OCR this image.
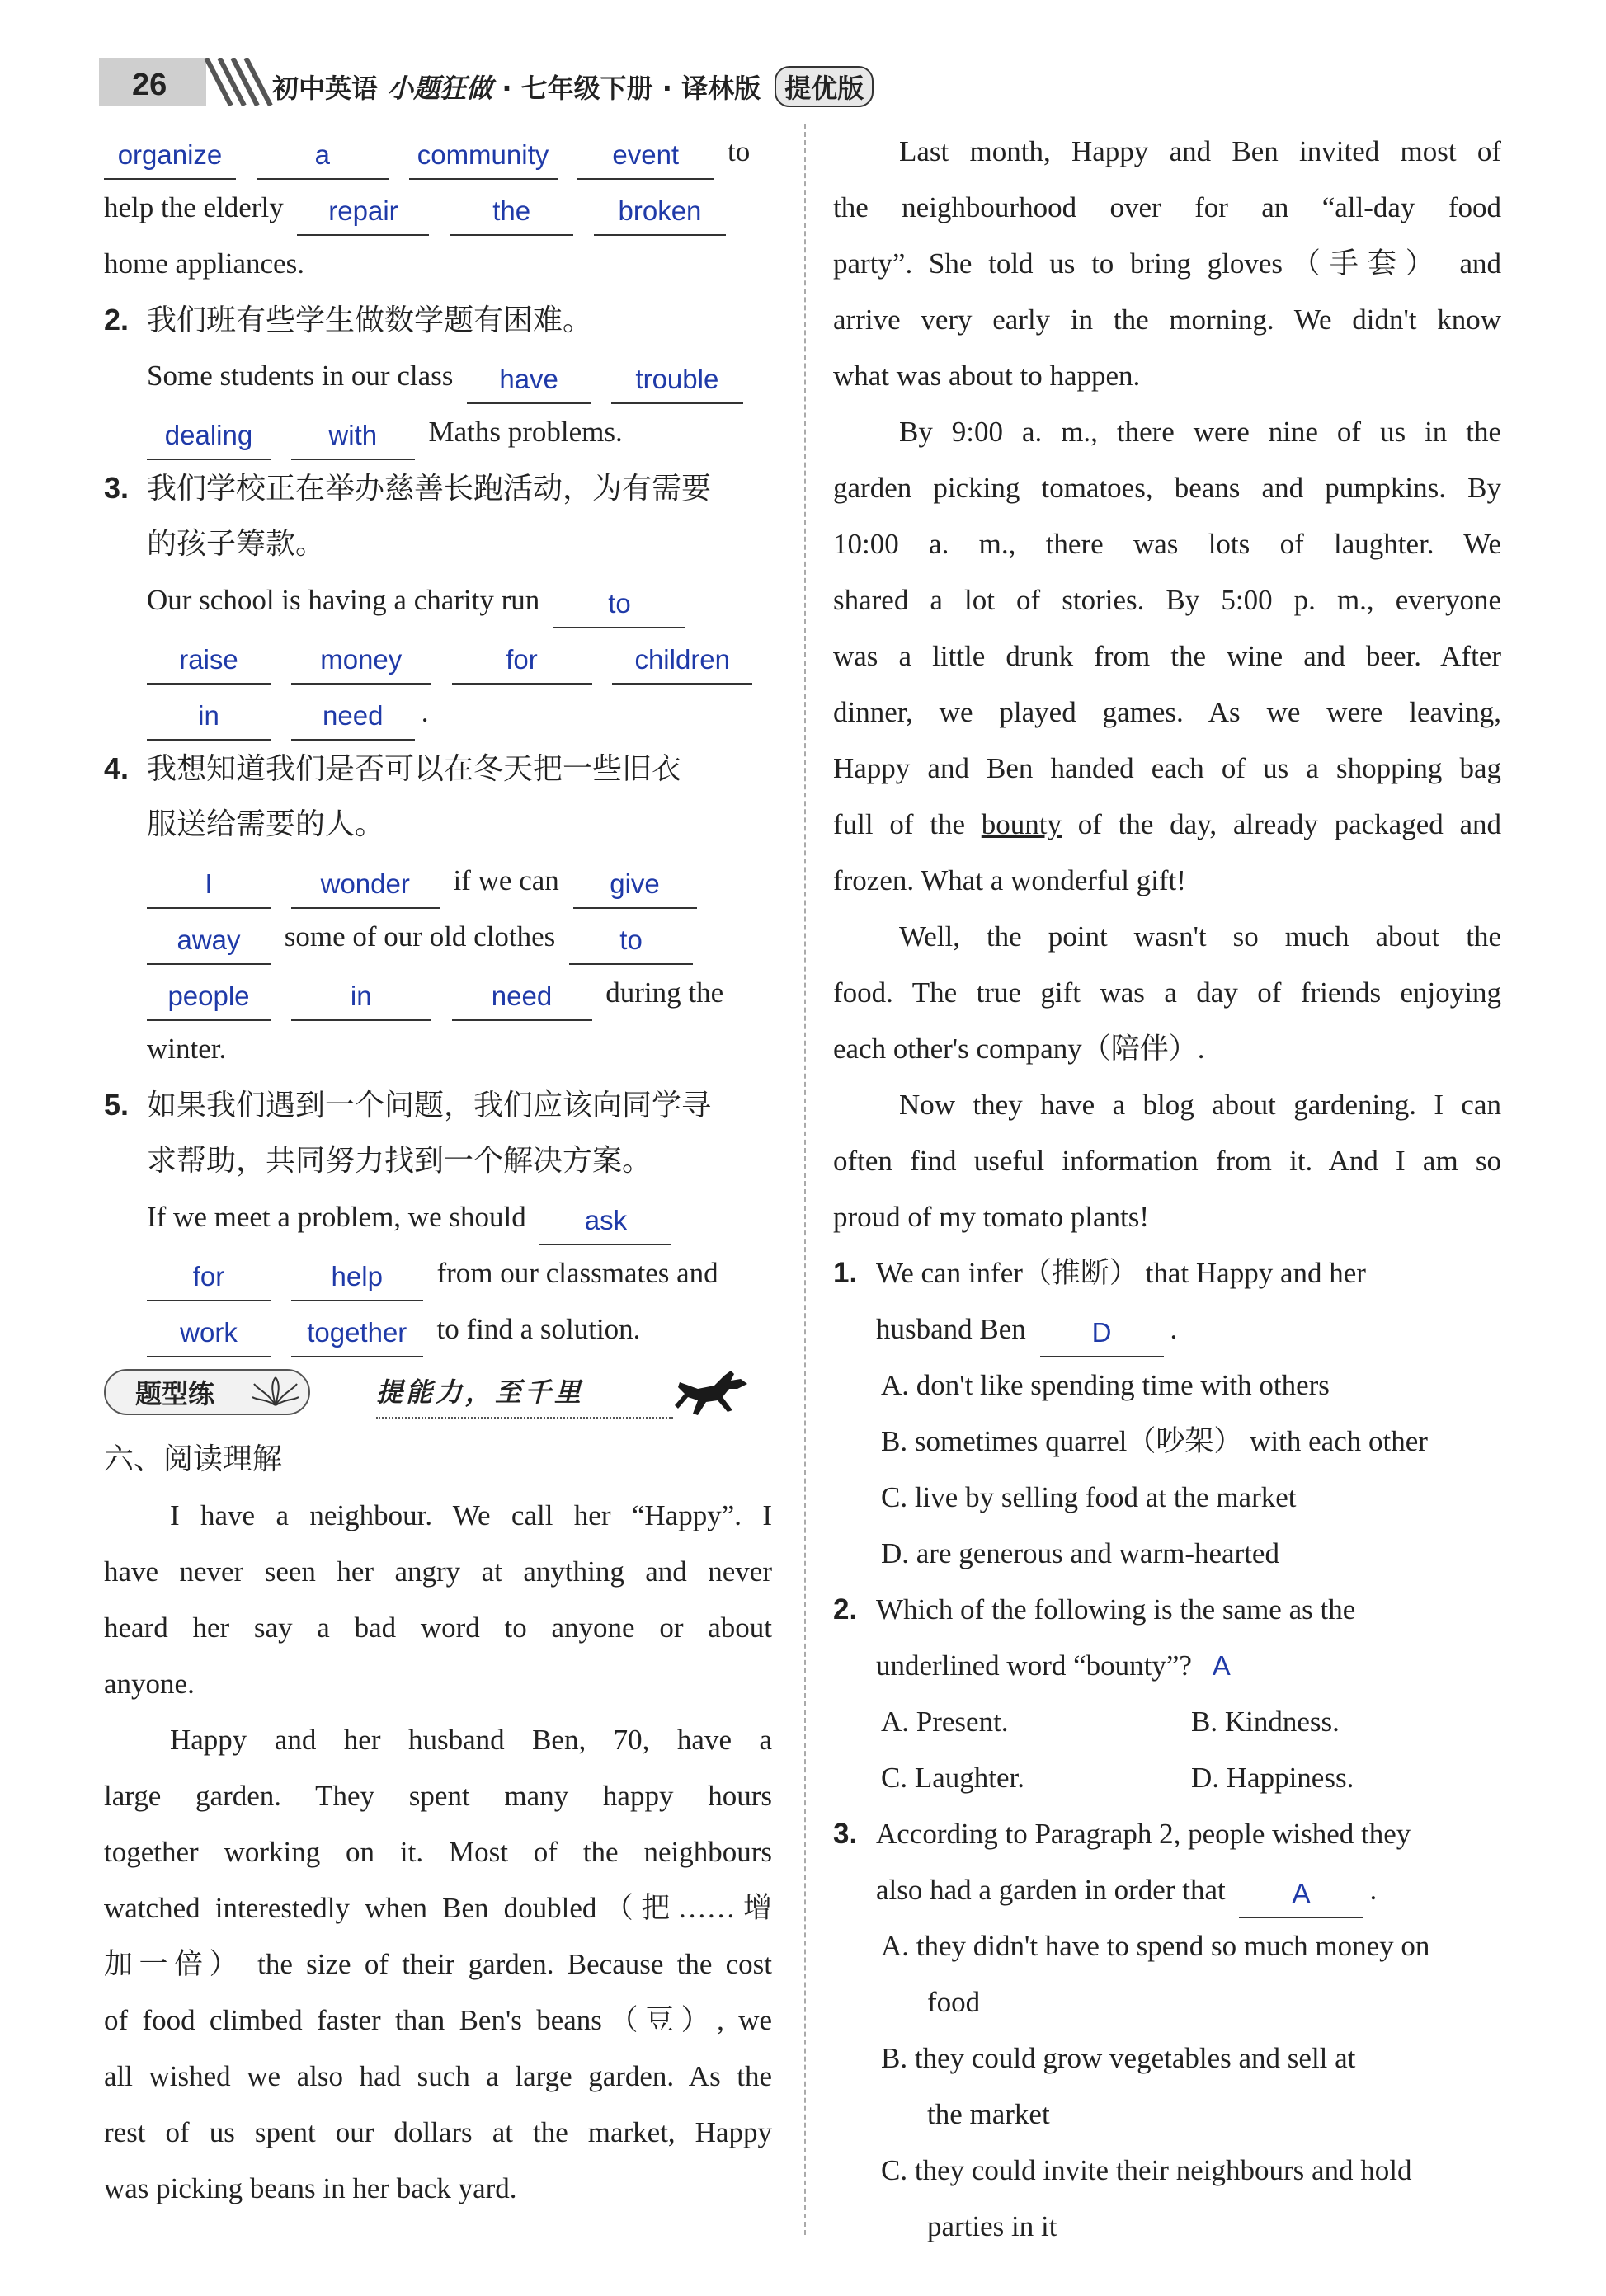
26	初中英语 小题狂做 · 七年级下册 · 译林版 提优版
organize	a	community event to
help the elderly repair	the	broken
home appliances.
2. 我们班有些学生做数学题有困难。
Some students in our class have	trouble
dealing	with Maths problems.
3. 我们学校正在举办慈善长跑活动，为有需要
的孩子筹款。
Our school is having a charity run	to
raise	money	for	children
in	need .
4. 我想知道我们是否可以在冬天把一些旧衣
服送给需要的人。
I	wonder if we can give
away some of our old clothes to
people	in	need during the
winter.
5. 如果我们遇到一个问题，我们应该向同学寻
求帮助，共同努力找到一个解决方案。
If we meet a problem, we should ask
for	help from our classmates and
work	together to find a solution.
题型练	提能力，至千里
六、阅读理解
I have a neighbour. We call her “Happy”. I
have never seen her angry at anything and never
heard her say a bad word to anyone or about
anyone.
Happy and her husband Ben, 70, have a
large garden. They spent many happy hours
together working on it. Most of the neighbours
watched interestedly when Ben doubled（把……增
加一倍） the size of their garden. Because the cost
of food climbed faster than Ben's beans（豆）, we
all wished we also had such a large garden. As the
rest of us spent our dollars at the market, Happy
was picking beans in her back yard.
Last month, Happy and Ben invited most of
the neighbourhood over for an “all-day food
party”. She told us to bring gloves（手套） and
arrive very early in the morning. We didn't know
what was about to happen.
By 9:00 a. m., there were nine of us in the
garden picking tomatoes, beans and pumpkins. By
10:00 a. m., there was lots of laughter. We
shared a lot of stories. By 5:00 p. m., everyone
was a little drunk from the wine and beer. After
dinner, we played games. As we were leaving,
Happy and Ben handed each of us a shopping bag
full of the bounty of the day, already packaged and
frozen. What a wonderful gift!
Well, the point wasn't so much about the
food. The true gift was a day of friends enjoying
each other's company（陪伴）.
Now they have a blog about gardening. I can
often find useful information from it. And I am so
proud of my tomato plants!
1. We can infer（推断） that Happy and her
husband Ben D .
A. don't like spending time with others
B. sometimes quarrel（吵架） with each other
C. live by selling food at the market
D. are generous and warm-hearted
2. Which of the following is the same as the
underlined word “bounty”? A
A. Present.	B. Kindness.
C. Laughter.	D. Happiness.
3. According to Paragraph 2, people wished they
also had a garden in order that A .
A. they didn't have to spend so much money on
food
B. they could grow vegetables and sell at
the market
C. they could invite their neighbours and hold
parties in it
